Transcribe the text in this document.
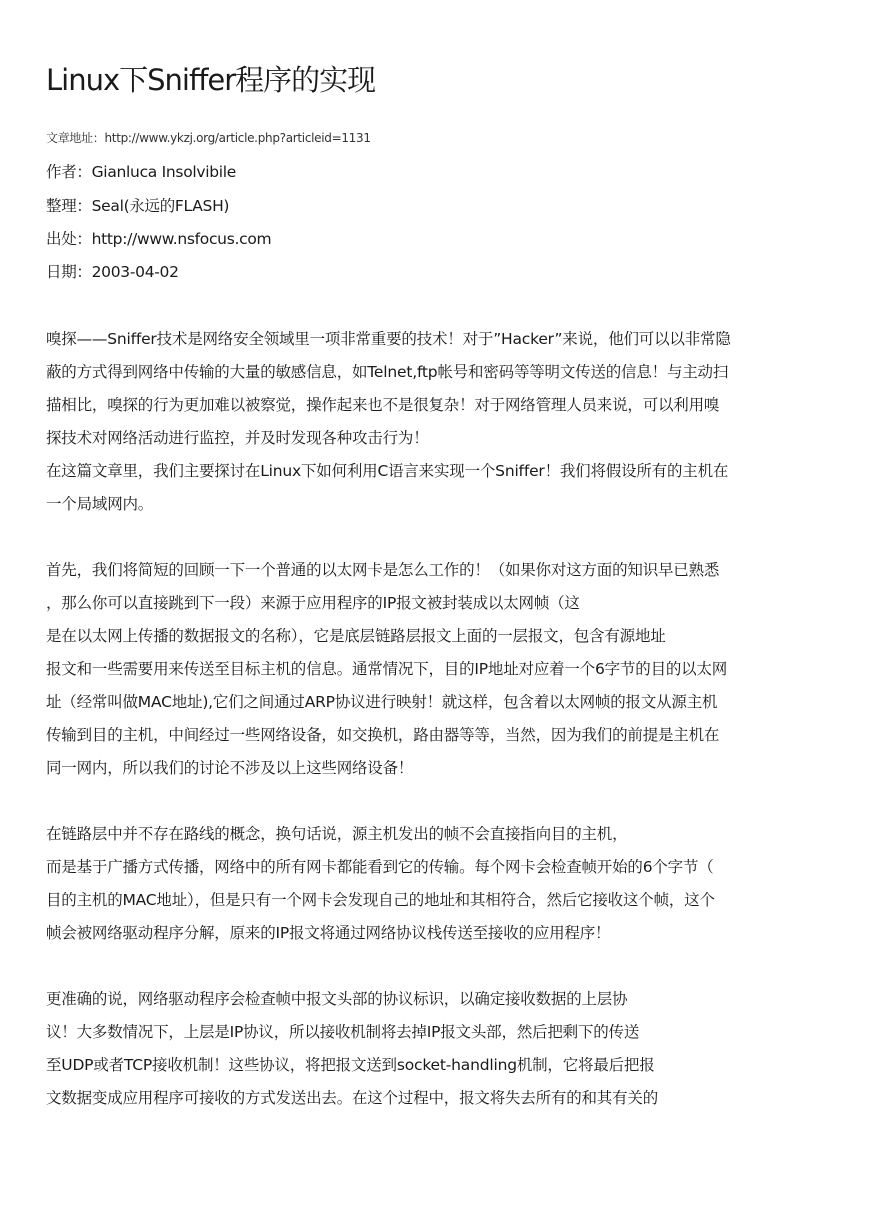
Linux下Sniffer程序的实现
文章地址：http://www.ykzj.org/article.php?articleid=1131
作者：Gianluca Insolvibile
整理：Seal(永远的FLASH)
出处：http://www.nsfocus.com
日期：2003-04-02
嗅探——Sniffer技术是网络安全领域里一项非常重要的技术！对于”Hacker”来说，他们可以以非常隐
蔽的方式得到网络中传输的大量的敏感信息，如Telnet,ftp帐号和密码等等明文传送的信息！与主动扫
描相比，嗅探的行为更加难以被察觉，操作起来也不是很复杂！对于网络管理人员来说，可以利用嗅
探技术对网络活动进行监控，并及时发现各种攻击行为！
在这篇文章里，我们主要探讨在Linux下如何利用C语言来实现一个Sniffer！我们将假设所有的主机在
一个局域网内。
首先，我们将简短的回顾一下一个普通的以太网卡是怎么工作的！（如果你对这方面的知识早已熟悉
，那么你可以直接跳到下一段）来源于应用程序的IP报文被封装成以太网帧（这
是在以太网上传播的数据报文的名称），它是底层链路层报文上面的一层报文，包含有源地址
报文和一些需要用来传送至目标主机的信息。通常情况下，目的IP地址对应着一个6字节的目的以太网
址（经常叫做MAC地址),它们之间通过ARP协议进行映射！就这样，包含着以太网帧的报文从源主机
传输到目的主机，中间经过一些网络设备，如交换机，路由器等等，当然，因为我们的前提是主机在
同一网内，所以我们的讨论不涉及以上这些网络设备！
在链路层中并不存在路线的概念，换句话说，源主机发出的帧不会直接指向目的主机，
而是基于广播方式传播，网络中的所有网卡都能看到它的传输。每个网卡会检查帧开始的6个字节（
目的主机的MAC地址），但是只有一个网卡会发现自己的地址和其相符合，然后它接收这个帧，这个
帧会被网络驱动程序分解，原来的IP报文将通过网络协议栈传送至接收的应用程序！
更准确的说，网络驱动程序会检查帧中报文头部的协议标识，以确定接收数据的上层协
议！大多数情况下，上层是IP协议，所以接收机制将去掉IP报文头部，然后把剩下的传送
至UDP或者TCP接收机制！这些协议，将把报文送到socket-handling机制，它将最后把报
文数据变成应用程序可接收的方式发送出去。在这个过程中，报文将失去所有的和其有关的
